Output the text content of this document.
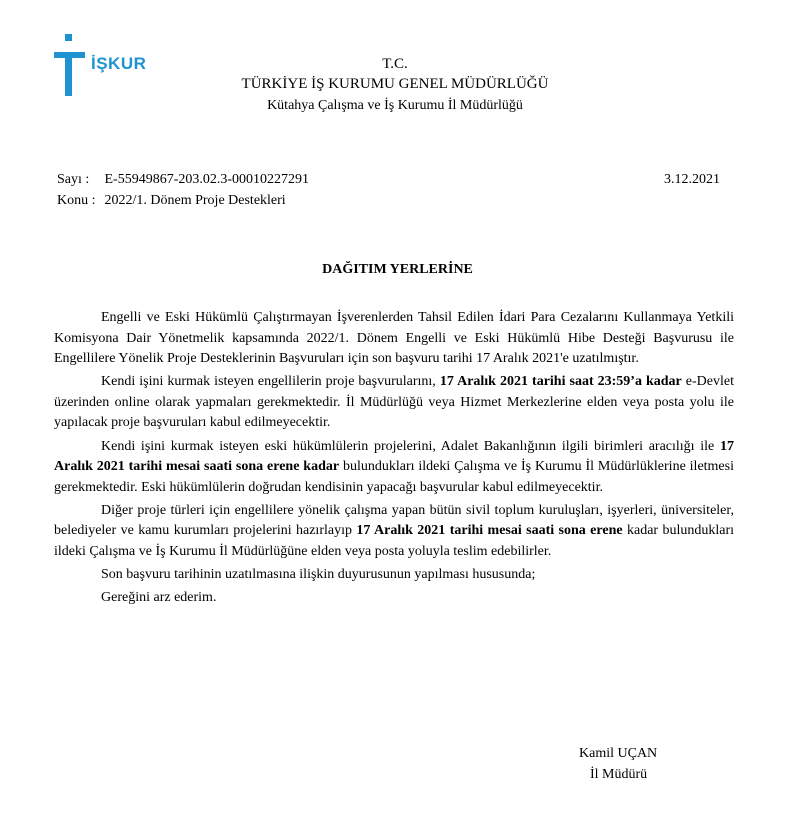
İŞKUR	T.C.
TÜRKİYE İŞ KURUMU GENEL MÜDÜRLÜĞÜ
Kütahya Çalışma ve İş Kurumu İl Müdürlüğü
Sayı : E-55949867-203.02.3-00010227291
Konu : 2022/1. Dönem Proje Destekleri
3.12.2021
DAĞITIM YERLERİNE

Engelli ve Eski Hükümlü Çalıştırmayan İşverenlerden Tahsil Edilen İdari Para Cezalarını Kullanmaya Yetkili Komisyona Dair Yönetmelik kapsamında 2022/1. Dönem Engelli ve Eski Hükümlü Hibe Desteği Başvurusu ile Engellilere Yönelik Proje Desteklerinin Başvuruları için son başvuru tarihi 17 Aralık 2021'e uzatılmıştır.

Kendi işini kurmak isteyen engellilerin proje başvurularını, 17 Aralık 2021 tarihi saat 23:59’a kadar e-Devlet üzerinden online olarak yapmaları gerekmektedir. İl Müdürlüğü veya Hizmet Merkezlerine elden veya posta yolu ile yapılacak proje başvuruları kabul edilmeyecektir.

Kendi işini kurmak isteyen eski hükümlülerin projelerini, Adalet Bakanlığının ilgili birimleri aracılığı ile 17 Aralık 2021 tarihi mesai saati sona erene kadar bulundukları ildeki Çalışma ve İş Kurumu İl Müdürlüklerine iletmesi gerekmektedir. Eski hükümlülerin doğrudan kendisinin yapacağı başvurular kabul edilmeyecektir.

Diğer proje türleri için engellilere yönelik çalışma yapan bütün sivil toplum kuruluşları, işyerleri, üniversiteler, belediyeler ve kamu kurumları projelerini hazırlayıp 17 Aralık 2021 tarihi mesai saati sona erene kadar bulundukları ildeki Çalışma ve İş Kurumu İl Müdürlüğüne elden veya posta yoluyla teslim edebilirler.

Son başvuru tarihinin uzatılmasına ilişkin duyurusunun yapılması hususunda;

Gereğini arz ederim.

Kamil UÇAN
İl Müdürü
